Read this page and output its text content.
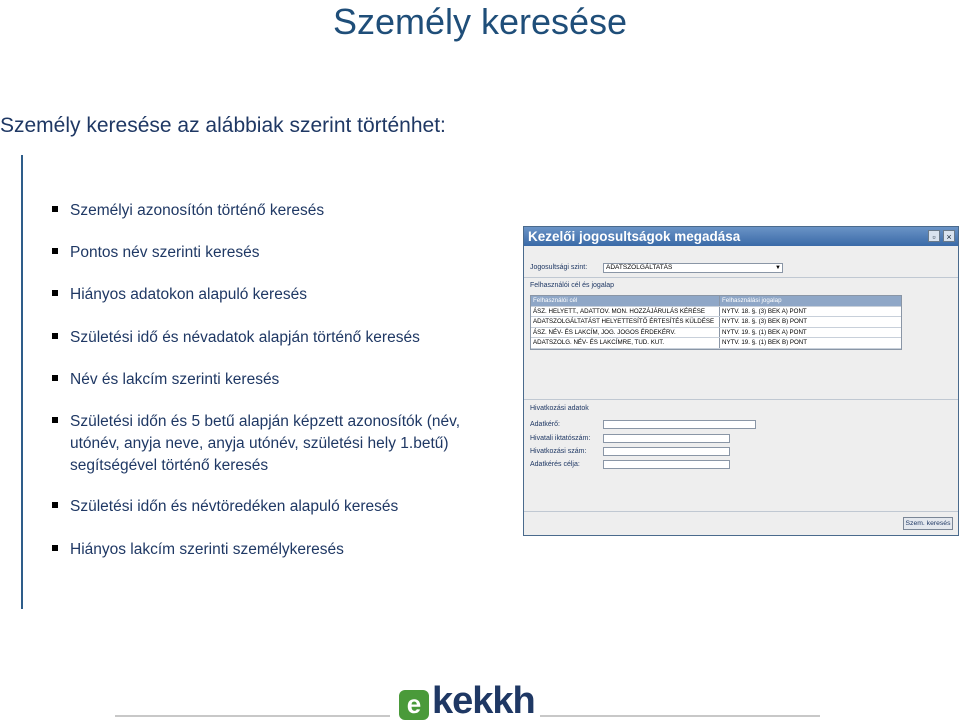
Személy keresése
Személy keresése az alábbiak szerint történhet:
Személyi azonosítón történő keresés
Pontos név szerinti keresés
Hiányos adatokon alapuló keresés
Születési idő és névadatok alapján történő keresés
Név és lakcím szerinti keresés
Születési időn és 5 betű alapján képzett azonosítók (név, utónév, anyja neve, anyja utónév, születési hely 1.betű) segítségével történő keresés
Születési időn és névtöredéken alapuló keresés
Hiányos lakcím szerinti személykeresés
Kezelői jogosultságok megadása	▫	×
Jogosultsági szint:	ADATSZOLGÁLTATÁS	▼
Felhasználói cél és jogalap
Felhasználói cél	Felhasználási jogalap
ÁSZ. HELYETT., ADATTOV. MON. HOZZÁJÁRULÁS KÉRÉSE	NYTV. 18. §. (3) BEK A) PONT
ADATSZOLGÁLTATÁST HELYETTESÍTŐ ÉRTESÍTÉS KÜLDÉSE	NYTV. 18. §. (3) BEK B) PONT
ÁSZ. NÉV- ÉS LAKCÍM, JOG. JOGOS ÉRDEKÉRV.	NYTV. 19. §. (1) BEK A) PONT
ADATSZOLG. NÉV- ÉS LAKCÍMRE, TUD. KUT.	NYTV. 19. §. (1) BEK B) PONT
Hivatkozási adatok
Adatkérő:
Hivatali iktatószám:
Hivatkozási szám:
Adatkérés célja:
Szem. keresés
e kekkh
